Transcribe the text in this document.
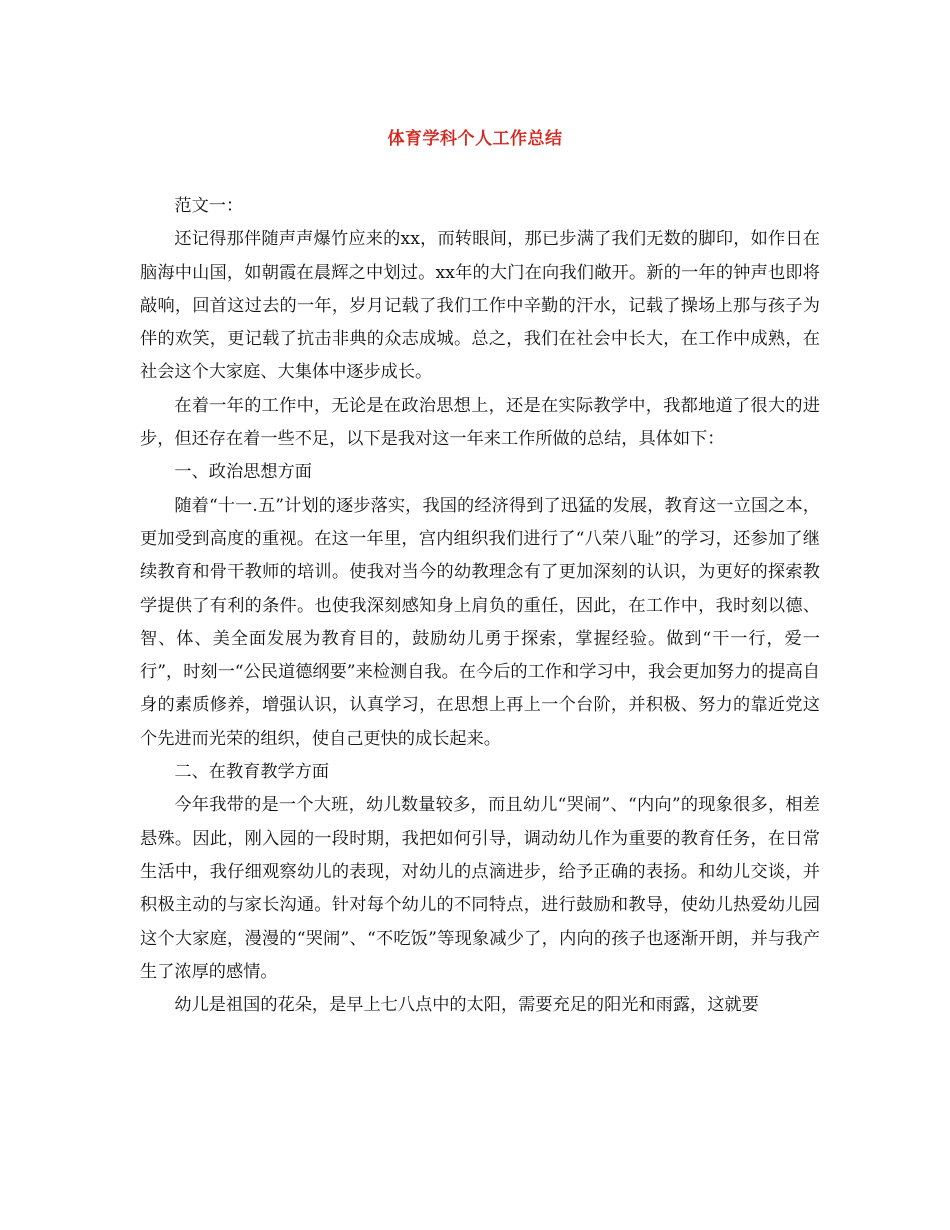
体育学科个人工作总结

范文一：

还记得那伴随声声爆竹应来的xx，而转眼间，那已步满了我们无数的脚印，如作日在脑海中山国，如朝霞在晨辉之中划过。xx年的大门在向我们敞开。新的一年的钟声也即将敲响，回首这过去的一年，岁月记载了我们工作中辛勤的汗水，记载了操场上那与孩子为伴的欢笑，更记载了抗击非典的众志成城。总之，我们在社会中长大，在工作中成熟，在社会这个大家庭、大集体中逐步成长。

在着一年的工作中，无论是在政治思想上，还是在实际教学中，我都地道了很大的进步，但还存在着一些不足，以下是我对这一年来工作所做的总结，具体如下：

一、政治思想方面

随着“十一.五”计划的逐步落实，我国的经济得到了迅猛的发展，教育这一立国之本，更加受到高度的重视。在这一年里，宫内组织我们进行了“八荣八耻”的学习，还参加了继续教育和骨干教师的培训。使我对当今的幼教理念有了更加深刻的认识，为更好的探索教学提供了有利的条件。也使我深刻感知身上肩负的重任，因此，在工作中，我时刻以德、智、体、美全面发展为教育目的，鼓励幼儿勇于探索，掌握经验。做到“干一行，爱一行”，时刻一“公民道德纲要”来检测自我。在今后的工作和学习中，我会更加努力的提高自身的素质修养，增强认识，认真学习，在思想上再上一个台阶，并积极、努力的靠近党这个先进而光荣的组织，使自己更快的成长起来。

二、在教育教学方面

今年我带的是一个大班，幼儿数量较多，而且幼儿“哭闹”、“内向”的现象很多，相差悬殊。因此，刚入园的一段时期，我把如何引导，调动幼儿作为重要的教育任务，在日常生活中，我仔细观察幼儿的表现，对幼儿的点滴进步，给予正确的表扬。和幼儿交谈，并积极主动的与家长沟通。针对每个幼儿的不同特点，进行鼓励和教导，使幼儿热爱幼儿园这个大家庭，漫漫的“哭闹”、“不吃饭”等现象减少了，内向的孩子也逐渐开朗，并与我产生了浓厚的感情。

幼儿是祖国的花朵，是早上七八点中的太阳，需要充足的阳光和雨露，这就要
